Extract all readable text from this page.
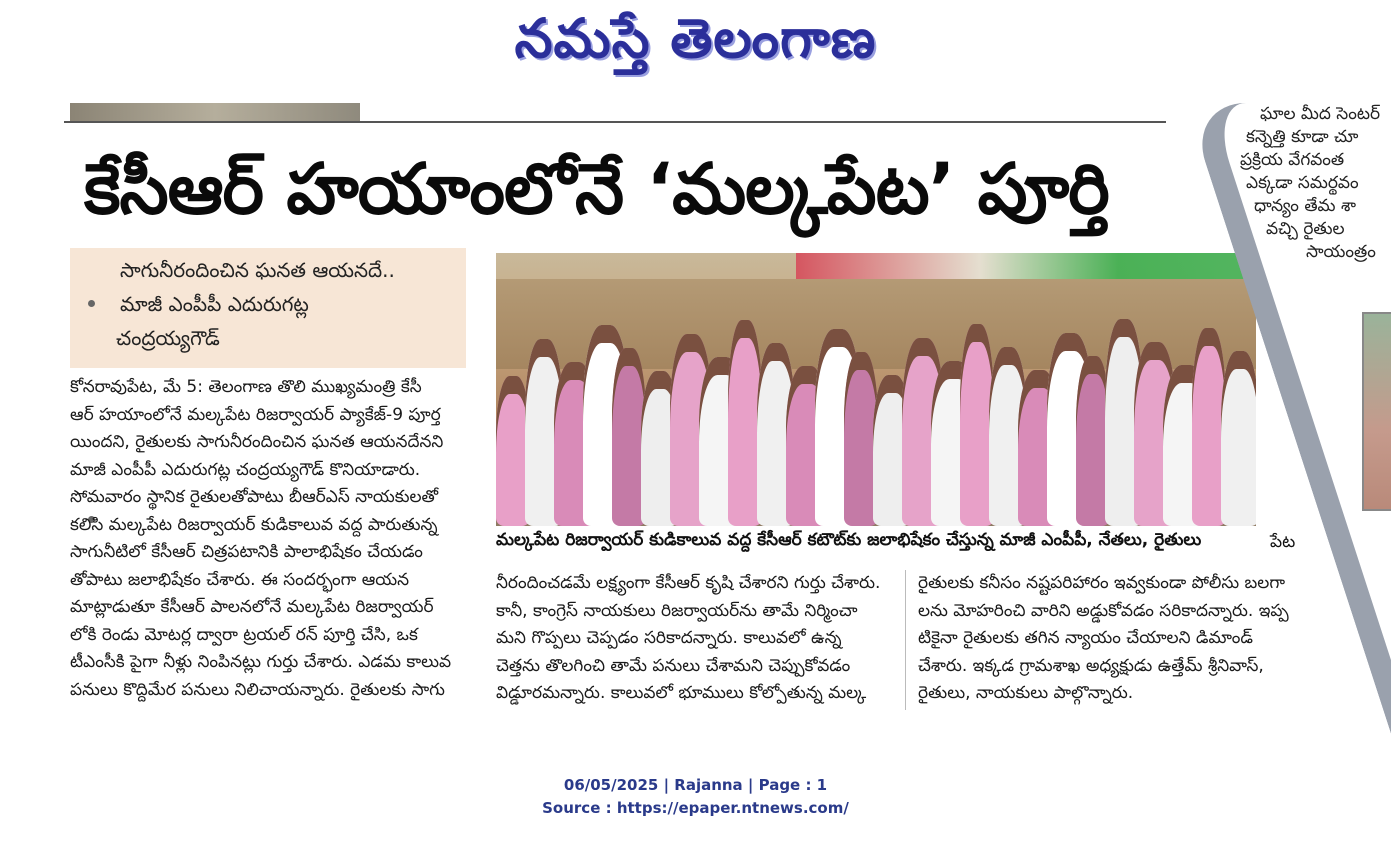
నమస్తే తెలంగాణ
కేసీఆర్ హయాంలోనే ‘మల్కపేట’ పూర్తి
సాగునీరందించిన ఘనత ఆయనదే..
మాజీ ఎంపీపీ ఎదురుగట్ల
చంద్రయ్యగౌడ్
మల్కపేట రిజర్వాయర్ కుడికాలువ వద్ద కేసీఆర్ కటౌట్‌కు జలాభిషేకం చేస్తున్న మాజీ ఎంపీపీ, నేతలు, రైతులు	పేట
కోనరావుపేట, మే 5: తెలంగాణ తొలి ముఖ్యమంత్రి కేసీ
ఆర్ హయాంలోనే మల్కపేట రిజర్వాయర్ ప్యాకేజ్-9 పూర్త
యిందని, రైతులకు సాగునీరందించిన ఘనత ఆయనదేనని
మాజీ ఎంపీపీ ఎదురుగట్ల చంద్రయ్యగౌడ్ కొనియాడారు.
సోమవారం స్థానిక రైతులతోపాటు బీఆర్ఎస్ నాయకులతో
కలిసి మల్కపేట రిజర్వాయర్ కుడికాలువ వద్ద పారుతున్న
సాగునీటిలో కేసీఆర్ చిత్రపటానికి పాలాభిషేకం చేయడం
తోపాటు జలాభిషేకం చేశారు. ఈ సందర్భంగా ఆయన
మాట్లాడుతూ కేసీఆర్ పాలనలోనే మల్కపేట రిజర్వాయర్
లోకి రెండు మోటర్ల ద్వారా ట్రయల్ రన్ పూర్తి చేసి, ఒక
టీఎంసీకి పైగా నీళ్లు నింపినట్లు గుర్తు చేశారు. ఎడమ కాలువ
పనులు కొద్దిమేర పనులు నిలిచాయన్నారు. రైతులకు సాగు
నీరందించడమే లక్ష్యంగా కేసీఆర్ కృషి చేశారని గుర్తు చేశారు.
కానీ, కాంగ్రెస్ నాయకులు రిజర్వాయర్‌ను తామే నిర్మించా
మని గొప్పలు చెప్పడం సరికాదన్నారు. కాలువలో ఉన్న
చెత్తను తొలగించి తామే పనులు చేశామని చెప్పుకోవడం
విడ్డూరమన్నారు. కాలువలో భూములు కోల్పోతున్న మల్క
రైతులకు కనీసం నష్టపరిహారం ఇవ్వకుండా పోలీసు బలగా
లను మోహరించి వారిని అడ్డుకోవడం సరికాదన్నారు. ఇప్ప
టికైనా రైతులకు తగిన న్యాయం చేయాలని డిమాండ్
చేశారు. ఇక్కడ గ్రామశాఖ అధ్యక్షుడు ఉత్తేమ్ శ్రీనివాస్,
రైతులు, నాయకులు పాల్గొన్నారు.
ఘాల మీద సెంటర్
కన్నెత్తి కూడా చూ
ప్రక్రియ వేగవంత
ఎక్కడా సమర్థవం
ధాన్యం తేమ శా
వచ్చి రైతుల
సాయంత్రం
06/05/2025 | Rajanna | Page : 1
Source : https://epaper.ntnews.com/
